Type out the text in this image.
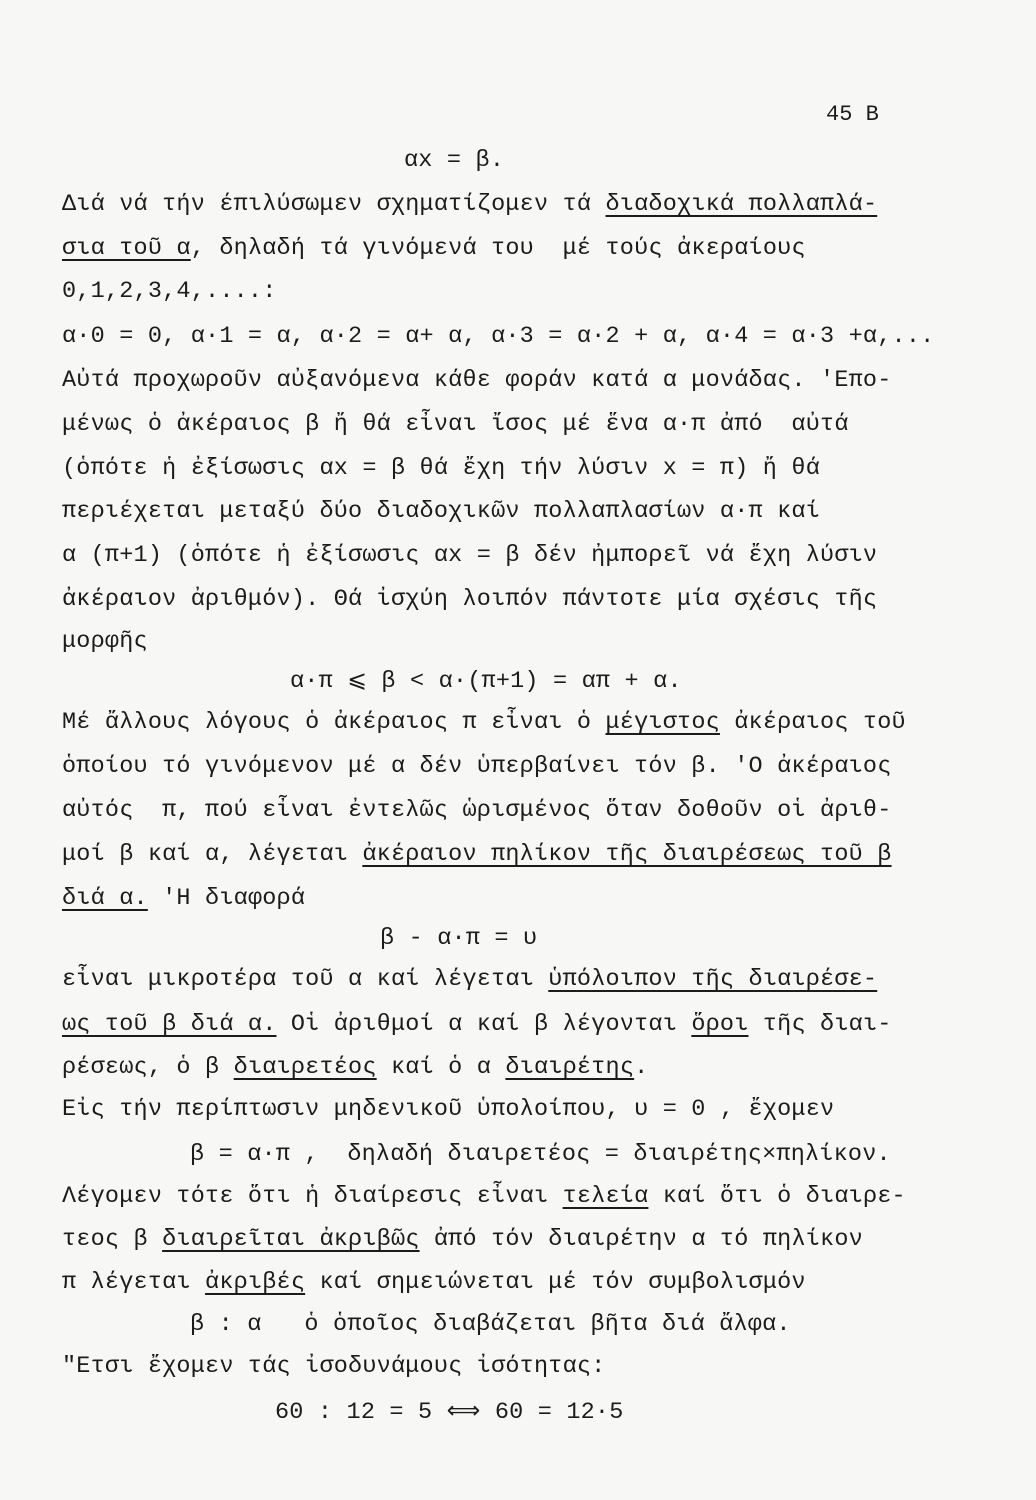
45 B
αx = β.
Διά νά τήν έπιλύσωμεν σχηματίζομεν τά διαδοχικά πολλαπλά-
σια τοῦ α, δηλαδή τά γινόμενά του  μέ τούς ἀκεραίους
0,1,2,3,4,....:
α·0 = 0, α·1 = α, α·2 = α+ α, α·3 = α·2 + α, α·4 = α·3 +α,...
Αὐτά προχωροῦν αὐξανόμενα κάθε φοράν κατά α μονάδας. 'Επο-
μένως ὁ ἀκέραιος β ἤ θά εἶναι ἴσος μέ ἕνα α·π ἀπό  αὐτά
(ὁπότε ἡ ἐξίσωσις αx = β θά ἔχη τήν λύσιν x = π) ἤ θά
περιέχεται μεταξύ δύο διαδοχικῶν πολλαπλασίων α·π καί
α (π+1) (ὁπότε ἡ ἐξίσωσις αx = β δέν ἠμπορεῖ νά ἔχη λύσιν
ἀκέραιον ἀριθμόν). Θά ἰσχύη λοιπόν πάντοτε μία σχέσις τῆς
μορφῆς
α·π ⩽ β < α·(π+1) = απ + α.
Μέ ἄλλους λόγους ὁ ἀκέραιος π εἶναι ὁ μέγιστος ἀκέραιος τοῦ
ὁποίου τό γινόμενον μέ α δέν ὑπερβαίνει τόν β. 'Ο ἀκέραιος
αὐτός  π, πού εἶναι ἐντελῶς ὡρισμένος ὅταν δοθοῦν οἱ ἀριθ-
μοί β καί α, λέγεται ἀκέραιον πηλίκον τῆς διαιρέσεως τοῦ β
διά α. 'Η διαφορά
β - α·π = υ
εἶναι μικροτέρα τοῦ α καί λέγεται ὑπόλοιπον τῆς διαιρέσε-
ως τοῦ β διά α. Οἱ ἀριθμοί α καί β λέγονται ὅροι τῆς διαι-
ρέσεως, ὁ β διαιρετέος καί ὁ α διαιρέτης.
Εἰς τήν περίπτωσιν μηδενικοῦ ὑπολοίπου, υ = 0 , ἔχομεν
β = α·π ,  δηλαδή διαιρετέος = διαιρέτης×πηλίκον.
Λέγομεν τότε ὅτι ἡ διαίρεσις εἶναι τελεία καί ὅτι ὁ διαιρε-
τεος β διαιρεῖται ἀκριβῶς ἀπό τόν διαιρέτην α τό πηλίκον
π λέγεται ἀκριβές καί σημειώνεται μέ τόν συμβολισμόν
β : α   ὁ ὁποῖος διαβάζεται βῆτα διά ἄλφα.
"Ετσι ἔχομεν τάς ἰσοδυνάμους ἰσότητας:
60 : 12 = 5 ⟺ 60 = 12·5
